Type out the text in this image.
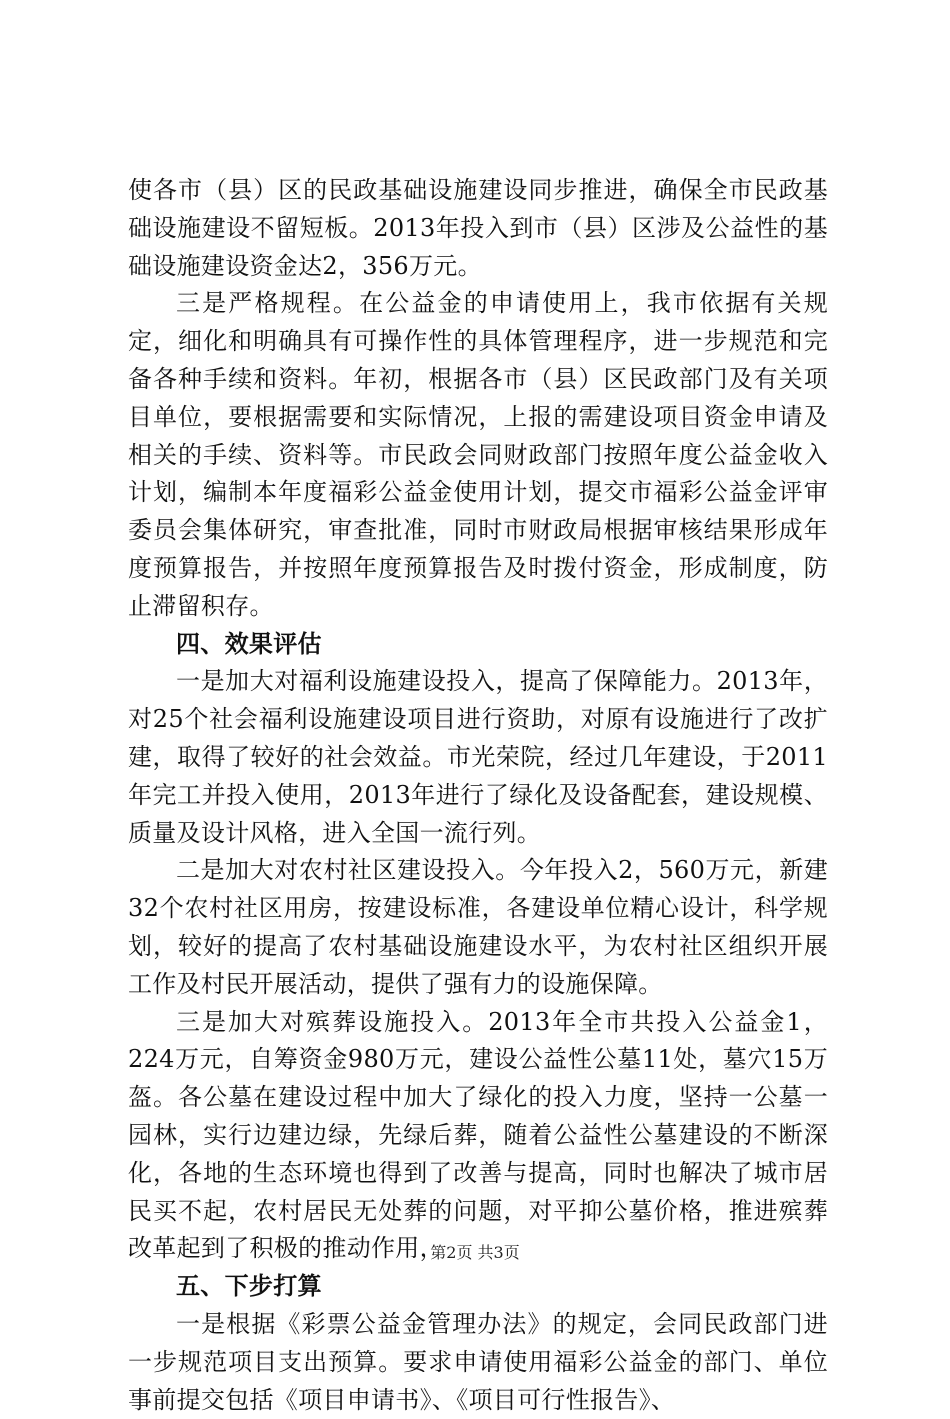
使各市（县）区的民政基础设施建设同步推进，确保全市民政基础设施建设不留短板。2013年投入到市（县）区涉及公益性的基础设施建设资金达2，356万元。

三是严格规程。在公益金的申请使用上，我市依据有关规定，细化和明确具有可操作性的具体管理程序，进一步规范和完备各种手续和资料。年初，根据各市（县）区民政部门及有关项目单位，要根据需要和实际情况，上报的需建设项目资金申请及相关的手续、资料等。市民政会同财政部门按照年度公益金收入计划，编制本年度福彩公益金使用计划，提交市福彩公益金评审委员会集体研究，审查批准，同时市财政局根据审核结果形成年度预算报告，并按照年度预算报告及时拨付资金，形成制度，防止滞留积存。

四、效果评估

一是加大对福利设施建设投入，提高了保障能力。2013年，对25个社会福利设施建设项目进行资助，对原有设施进行了改扩建，取得了较好的社会效益。市光荣院，经过几年建设，于2011年完工并投入使用，2013年进行了绿化及设备配套，建设规模、质量及设计风格，进入全国一流行列。

二是加大对农村社区建设投入。今年投入2，560万元，新建32个农村社区用房，按建设标准，各建设单位精心设计，科学规划，较好的提高了农村基础设施建设水平，为农村社区组织开展工作及村民开展活动，提供了强有力的设施保障。

三是加大对殡葬设施投入。2013年全市共投入公益金1，224万元，自筹资金980万元，建设公益性公墓11处，墓穴15万盔。各公墓在建设过程中加大了绿化的投入力度，坚持一公墓一园林，实行边建边绿，先绿后葬，随着公益性公墓建设的不断深化，各地的生态环境也得到了改善与提高，同时也解决了城市居民买不起，农村居民无处葬的问题，对平抑公墓价格，推进殡葬改革起到了积极的推动作用，

五、下步打算

一是根据《彩票公益金管理办法》的规定，会同民政部门进一步规范项目支出预算。要求申请使用福彩公益金的部门、单位事前提交包括《项目申请书》、《项目可行性报告》、

第2页 共3页
